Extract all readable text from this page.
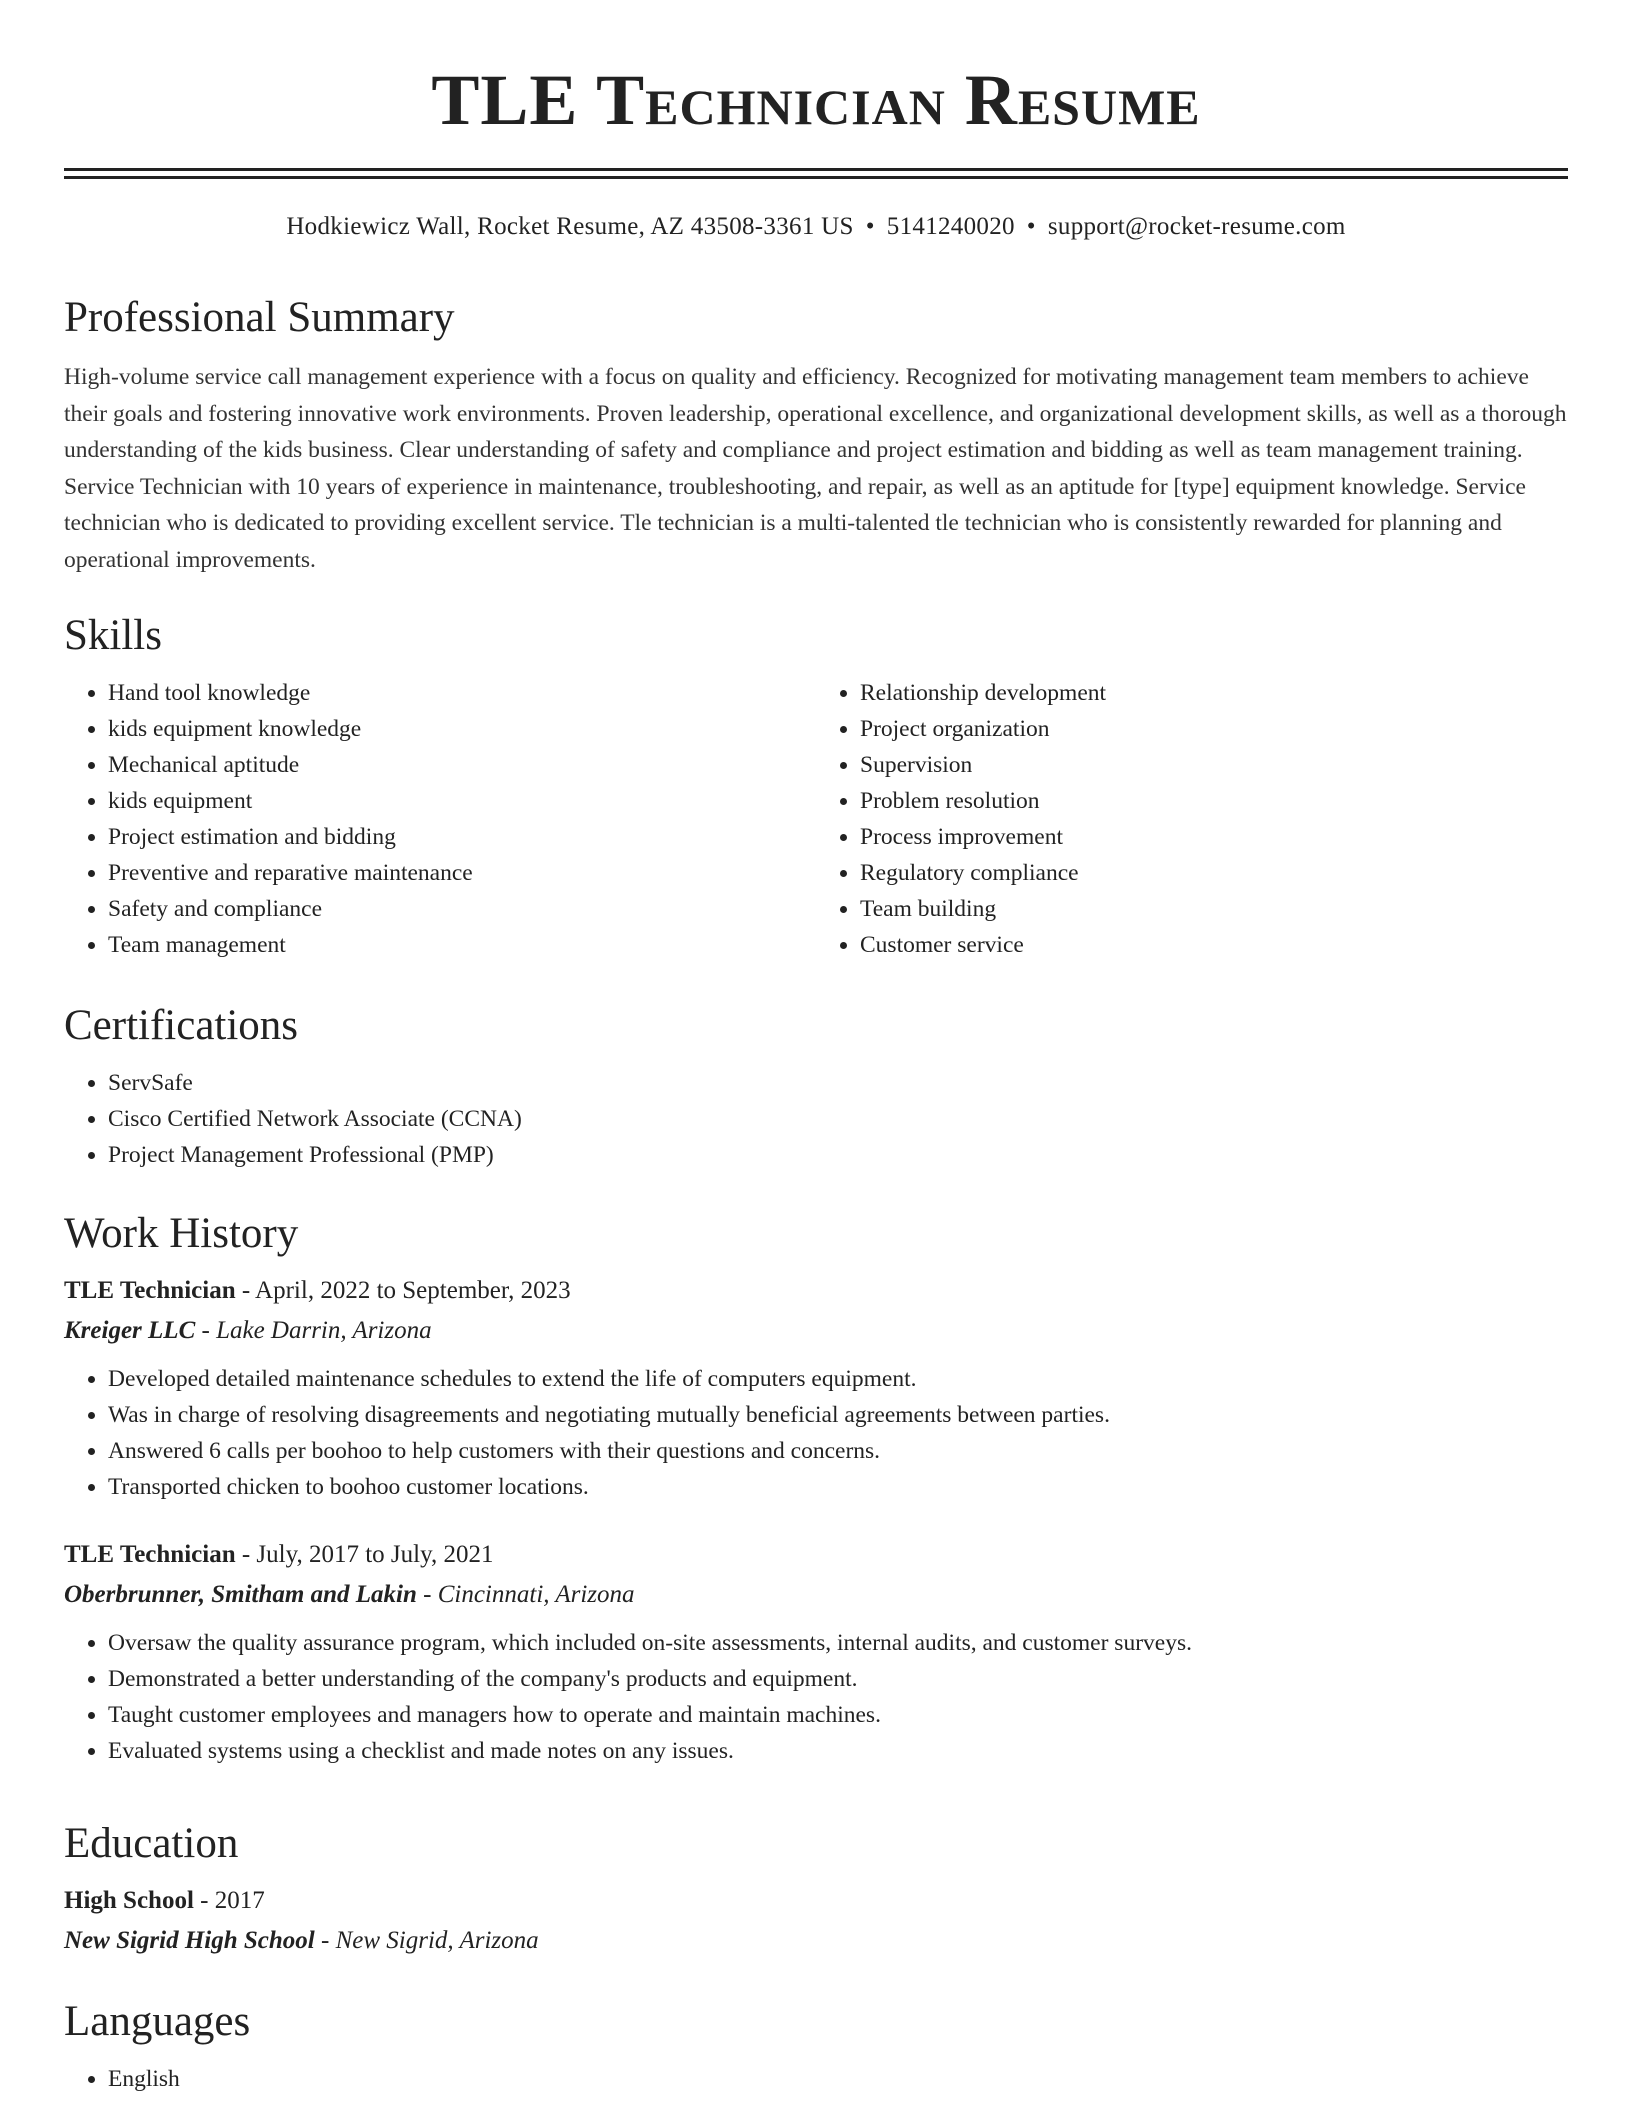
TLE Technician Resume
Hodkiewicz Wall, Rocket Resume, AZ 43508-3361 US • 5141240020 • support@rocket-resume.com
Professional Summary
High-volume service call management experience with a focus on quality and efficiency. Recognized for motivating management team members to achieve their goals and fostering innovative work environments. Proven leadership, operational excellence, and organizational development skills, as well as a thorough understanding of the kids business. Clear understanding of safety and compliance and project estimation and bidding as well as team management training. Service Technician with 10 years of experience in maintenance, troubleshooting, and repair, as well as an aptitude for [type] equipment knowledge. Service technician who is dedicated to providing excellent service. Tle technician is a multi-talented tle technician who is consistently rewarded for planning and operational improvements.
Skills
• Hand tool knowledge
• kids equipment knowledge
• Mechanical aptitude
• kids equipment
• Project estimation and bidding
• Preventive and reparative maintenance
• Safety and compliance
• Team management
• Relationship development
• Project organization
• Supervision
• Problem resolution
• Process improvement
• Regulatory compliance
• Team building
• Customer service
Certifications
• ServSafe
• Cisco Certified Network Associate (CCNA)
• Project Management Professional (PMP)
Work History
TLE Technician - April, 2022 to September, 2023
Kreiger LLC - Lake Darrin, Arizona
• Developed detailed maintenance schedules to extend the life of computers equipment.
• Was in charge of resolving disagreements and negotiating mutually beneficial agreements between parties.
• Answered 6 calls per boohoo to help customers with their questions and concerns.
• Transported chicken to boohoo customer locations.
TLE Technician - July, 2017 to July, 2021
Oberbrunner, Smitham and Lakin - Cincinnati, Arizona
• Oversaw the quality assurance program, which included on-site assessments, internal audits, and customer surveys.
• Demonstrated a better understanding of the company's products and equipment.
• Taught customer employees and managers how to operate and maintain machines.
• Evaluated systems using a checklist and made notes on any issues.
Education
High School - 2017
New Sigrid High School - New Sigrid, Arizona
Languages
• English
